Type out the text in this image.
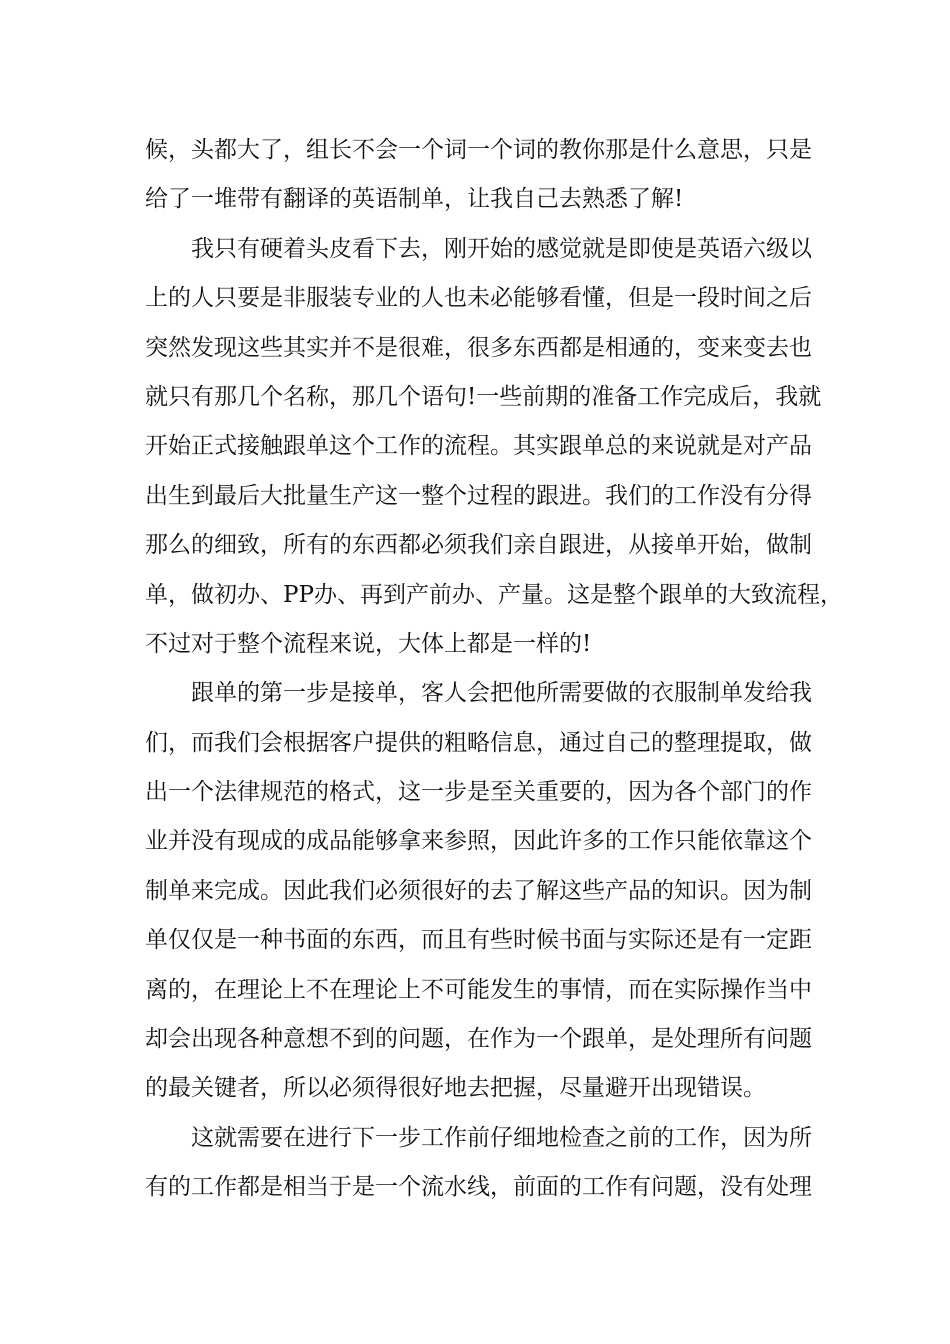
候，头都大了，组长不会一个词一个词的教你那是什么意思，只是
给了一堆带有翻译的英语制单，让我自己去熟悉了解!
我只有硬着头皮看下去，刚开始的感觉就是即使是英语六级以
上的人只要是非服装专业的人也未必能够看懂，但是一段时间之后
突然发现这些其实并不是很难，很多东西都是相通的，变来变去也
就只有那几个名称，那几个语句!一些前期的准备工作完成后，我就
开始正式接触跟单这个工作的流程。其实跟单总的来说就是对产品
出生到最后大批量生产这一整个过程的跟进。我们的工作没有分得
那么的细致，所有的东西都必须我们亲自跟进，从接单开始，做制
单，做初办、PP办、再到产前办、产量。这是整个跟单的大致流程，
不过对于整个流程来说，大体上都是一样的!
跟单的第一步是接单，客人会把他所需要做的衣服制单发给我
们，而我们会根据客户提供的粗略信息，通过自己的整理提取，做
出一个法律规范的格式，这一步是至关重要的，因为各个部门的作
业并没有现成的成品能够拿来参照，因此许多的工作只能依靠这个
制单来完成。因此我们必须很好的去了解这些产品的知识。因为制
单仅仅是一种书面的东西，而且有些时候书面与实际还是有一定距
离的，在理论上不在理论上不可能发生的事情，而在实际操作当中
却会出现各种意想不到的问题，在作为一个跟单，是处理所有问题
的最关键者，所以必须得很好地去把握，尽量避开出现错误。
这就需要在进行下一步工作前仔细地检查之前的工作，因为所
有的工作都是相当于是一个流水线，前面的工作有问题，没有处理
